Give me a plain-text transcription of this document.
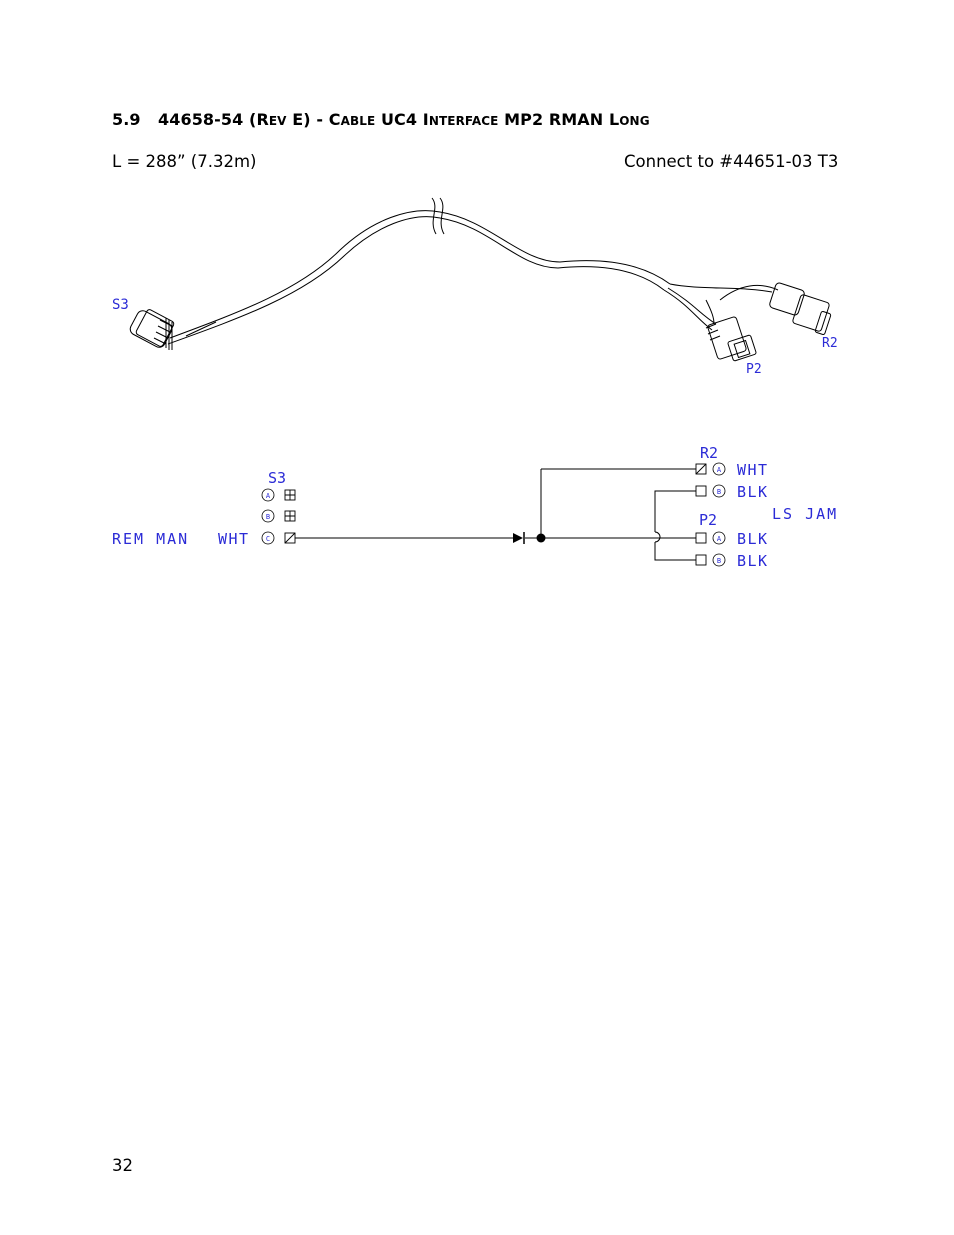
5.9 44658-54 (REV E) - CABLE UC4 INTERFACE MP2 RMAN LONG
L = 288” (7.32m)	Connect to #44651-03 T3
S3
R2
P2
S3
R2
P2
REM MAN WHT
LS JAM
A
B
C
A WHT
B BLK
A BLK
B BLK
32
